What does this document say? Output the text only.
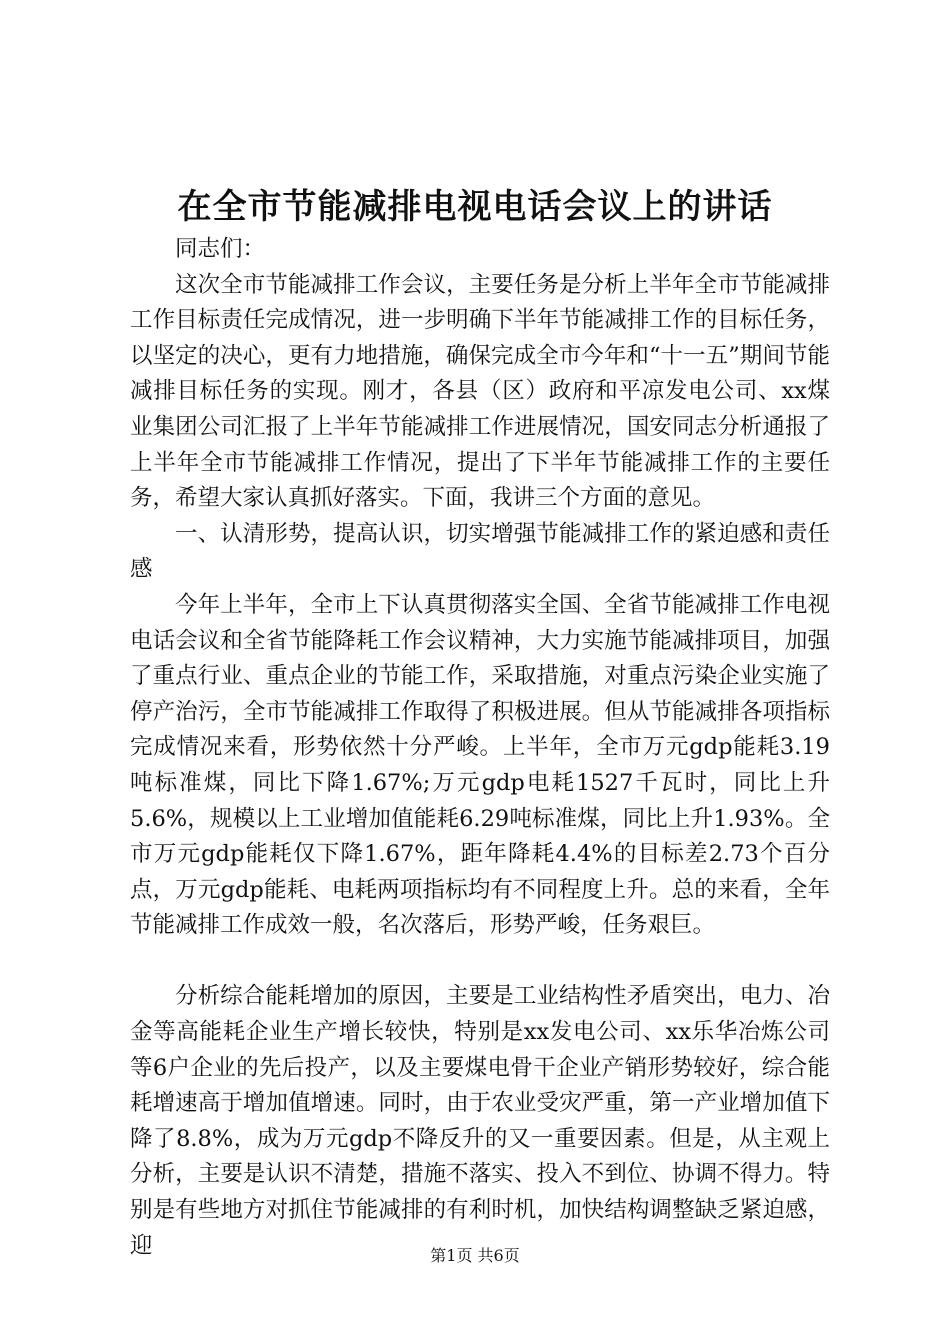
在全市节能减排电视电话会议上的讲话

同志们：

这次全市节能减排工作会议，主要任务是分析上半年全市节能减排工作目标责任完成情况，进一步明确下半年节能减排工作的目标任务，以坚定的决心，更有力地措施，确保完成全市今年和“十一五”期间节能减排目标任务的实现。刚才，各县（区）政府和平凉发电公司、xx煤业集团公司汇报了上半年节能减排工作进展情况，国安同志分析通报了上半年全市节能减排工作情况，提出了下半年节能减排工作的主要任务，希望大家认真抓好落实。下面，我讲三个方面的意见。

一、认清形势，提高认识，切实增强节能减排工作的紧迫感和责任感

今年上半年，全市上下认真贯彻落实全国、全省节能减排工作电视电话会议和全省节能降耗工作会议精神，大力实施节能减排项目，加强了重点行业、重点企业的节能工作，采取措施，对重点污染企业实施了停产治污，全市节能减排工作取得了积极进展。但从节能减排各项指标完成情况来看，形势依然十分严峻。上半年，全市万元gdp能耗3.19吨标准煤，同比下降1.67%;万元gdp电耗1527千瓦时，同比上升5.6%，规模以上工业增加值能耗6.29吨标准煤，同比上升1.93%。全市万元gdp能耗仅下降1.67%，距年降耗4.4%的目标差2.73个百分点，万元gdp能耗、电耗两项指标均有不同程度上升。总的来看，全年节能减排工作成效一般，名次落后，形势严峻，任务艰巨。

分析综合能耗增加的原因，主要是工业结构性矛盾突出，电力、冶金等高能耗企业生产增长较快，特别是xx发电公司、xx乐华冶炼公司等6户企业的先后投产，以及主要煤电骨干企业产销形势较好，综合能耗增速高于增加值增速。同时，由于农业受灾严重，第一产业增加值下降了8.8%，成为万元gdp不降反升的又一重要因素。但是，从主观上分析，主要是认识不清楚，措施不落实、投入不到位、协调不得力。特别是有些地方对抓住节能减排的有利时机，加快结构调整缺乏紧迫感，迎	第1页 共6页
